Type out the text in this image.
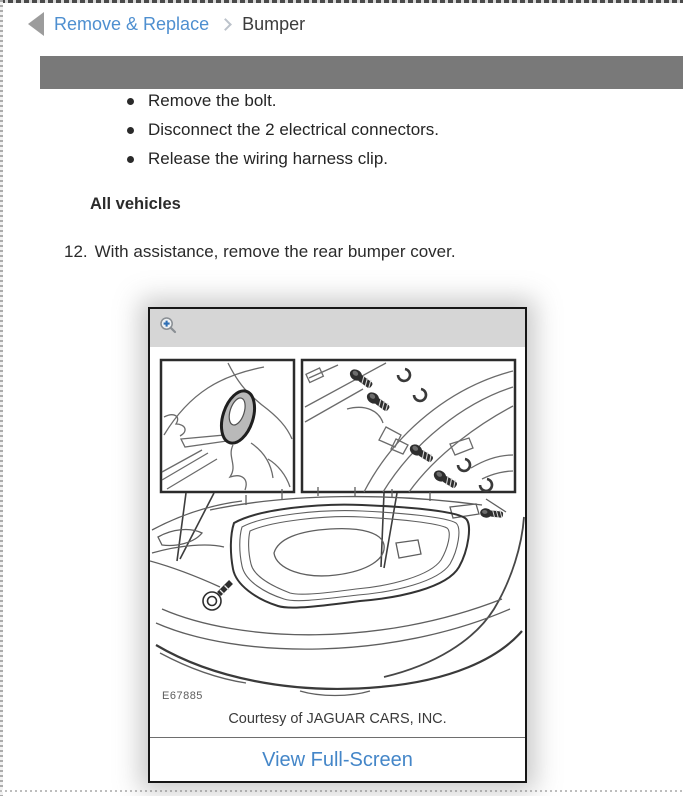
Remove & Replace Bumper
Remove the bolt.
Disconnect the 2 electrical connectors.
Release the wiring harness clip.
All vehicles
12. With assistance, remove the rear bumper cover.
E67885
Courtesy of JAGUAR CARS, INC.
View Full-Screen
